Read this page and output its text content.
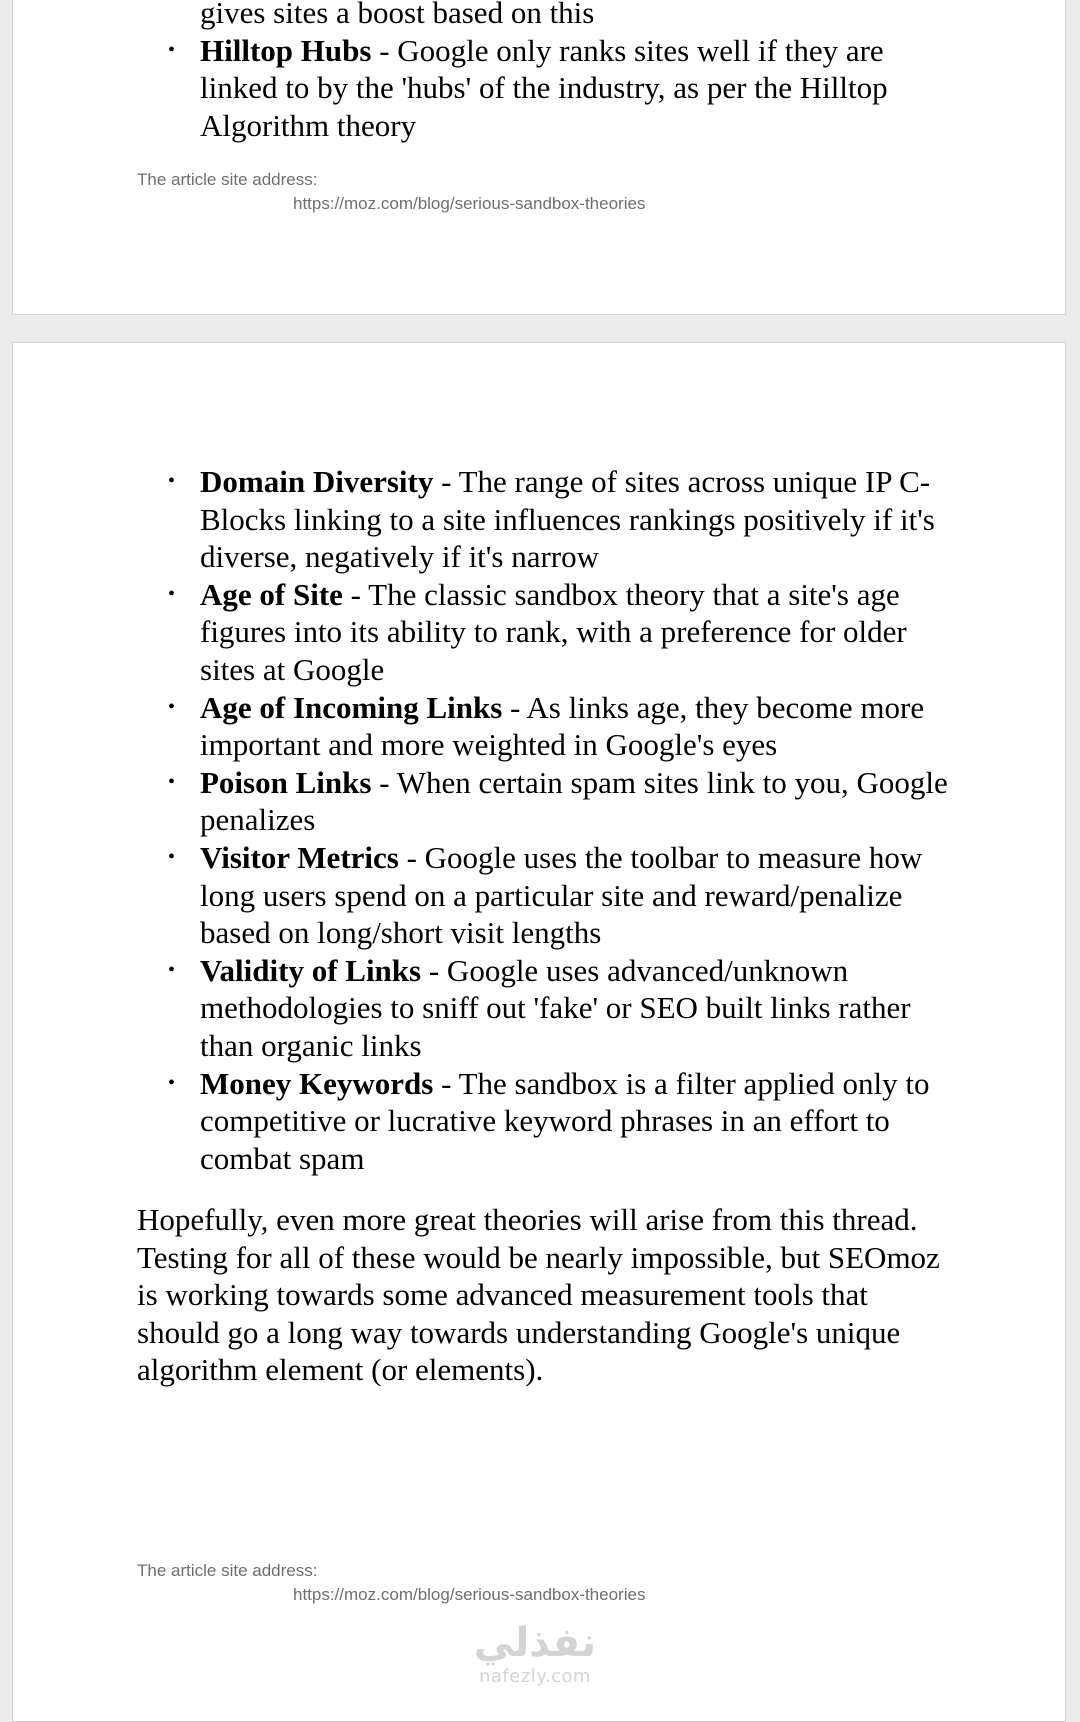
gives sites a boost based on this
• Hilltop Hubs - Google only ranks sites well if they are linked to by the 'hubs' of the industry, as per the Hilltop Algorithm theory

The article site address:

https://moz.com/blog/serious-sandbox-theories

• Domain Diversity - The range of sites across unique IP C-Blocks linking to a site influences rankings positively if it's diverse, negatively if it's narrow
• Age of Site - The classic sandbox theory that a site's age figures into its ability to rank, with a preference for older sites at Google
• Age of Incoming Links - As links age, they become more important and more weighted in Google's eyes
• Poison Links - When certain spam sites link to you, Google penalizes
• Visitor Metrics - Google uses the toolbar to measure how long users spend on a particular site and reward/penalize based on long/short visit lengths
• Validity of Links - Google uses advanced/unknown methodologies to sniff out 'fake' or SEO built links rather than organic links
• Money Keywords - The sandbox is a filter applied only to competitive or lucrative keyword phrases in an effort to combat spam

Hopefully, even more great theories will arise from this thread. Testing for all of these would be nearly impossible, but SEOmoz is working towards some advanced measurement tools that should go a long way towards understanding Google's unique algorithm element (or elements).

The article site address:

https://moz.com/blog/serious-sandbox-theories

نفذلي
nafezly.com
